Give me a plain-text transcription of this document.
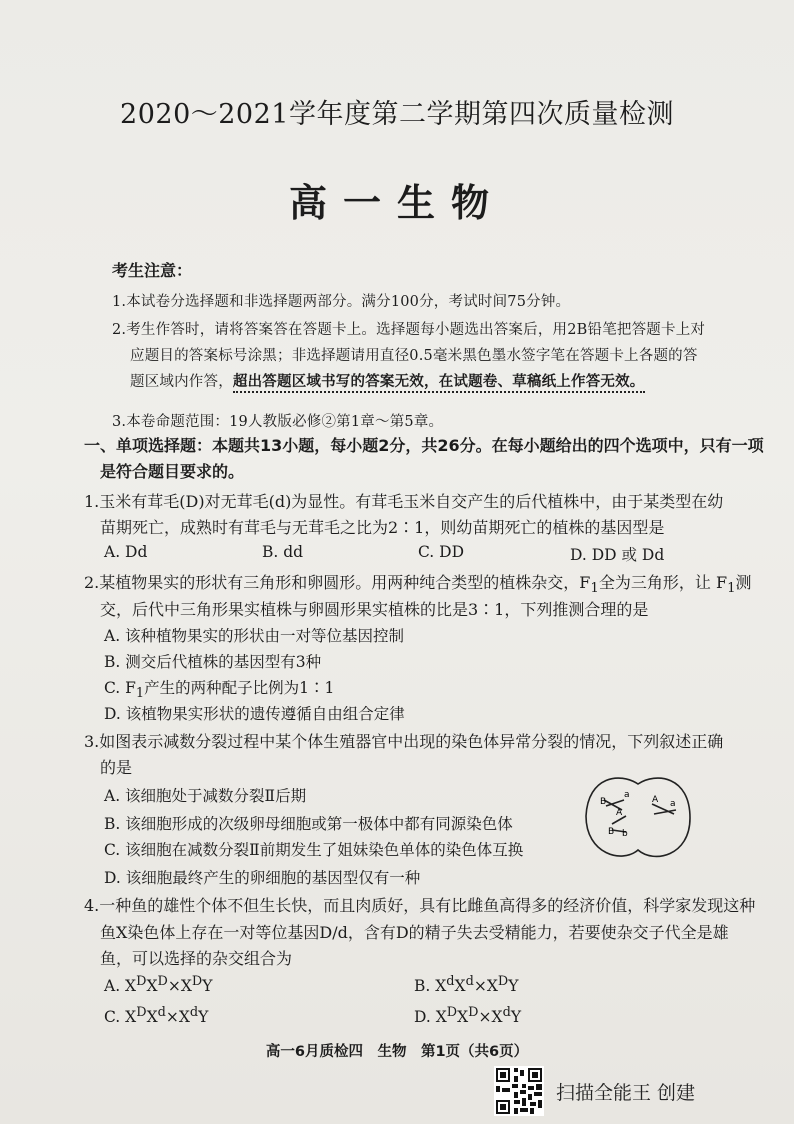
2020～2021学年度第二学期第四次质量检测
高一生物
考生注意：
1.本试卷分选择题和非选择题两部分。满分100分，考试时间75分钟。
2.考生作答时，请将答案答在答题卡上。选择题每小题选出答案后，用2B铅笔把答题卡上对
应题目的答案标号涂黑；非选择题请用直径0.5毫米黑色墨水签字笔在答题卡上各题的答
题区域内作答，超出答题区域书写的答案无效，在试题卷、草稿纸上作答无效。
3.本卷命题范围：19人教版必修②第1章～第5章。
一、单项选择题：本题共13小题，每小题2分，共26分。在每小题给出的四个选项中，只有一项
是符合题目要求的。
1.玉米有茸毛(D)对无茸毛(d)为显性。有茸毛玉米自交产生的后代植株中，由于某类型在幼
苗期死亡，成熟时有茸毛与无茸毛之比为2∶1，则幼苗期死亡的植株的基因型是
A. Dd	B. dd	C. DD	D. DD 或 Dd
2.某植物果实的形状有三角形和卵圆形。用两种纯合类型的植株杂交，$F_1$全为三角形，让 $F_1$测
交，后代中三角形果实植株与卵圆形果实植株的比是3∶1，下列推测合理的是
A. 该种植物果实的形状由一对等位基因控制
B. 测交后代植株的基因型有3种
C. $F_1$产生的两种配子比例为1∶1
D. 该植物果实形状的遗传遵循自由组合定律
3.如图表示减数分裂过程中某个体生殖器官中出现的染色体异常分裂的情况，下列叙述正确
的是
A. 该细胞处于减数分裂Ⅱ后期
B. 该细胞形成的次级卵母细胞或第一极体中都有同源染色体
C. 该细胞在减数分裂Ⅱ前期发生了姐妹染色单体的染色体互换
D. 该细胞最终产生的卵细胞的基因型仅有一种
B
a
A
B b
A a
4.一种鱼的雄性个体不但生长快，而且肉质好，具有比雌鱼高得多的经济价值，科学家发现这种
鱼X染色体上存在一对等位基因D/d，含有D的精子失去受精能力，若要使杂交子代全是雄
鱼，可以选择的杂交组合为
A. $X^DX^D\times X^DY$	B. $X^dX^d\times X^DY$
C. $X^DX^d\times X^dY$	D. $X^DX^D\times X^dY$
高一6月质检四　生物　第1页（共6页）
扫描全能王 创建
